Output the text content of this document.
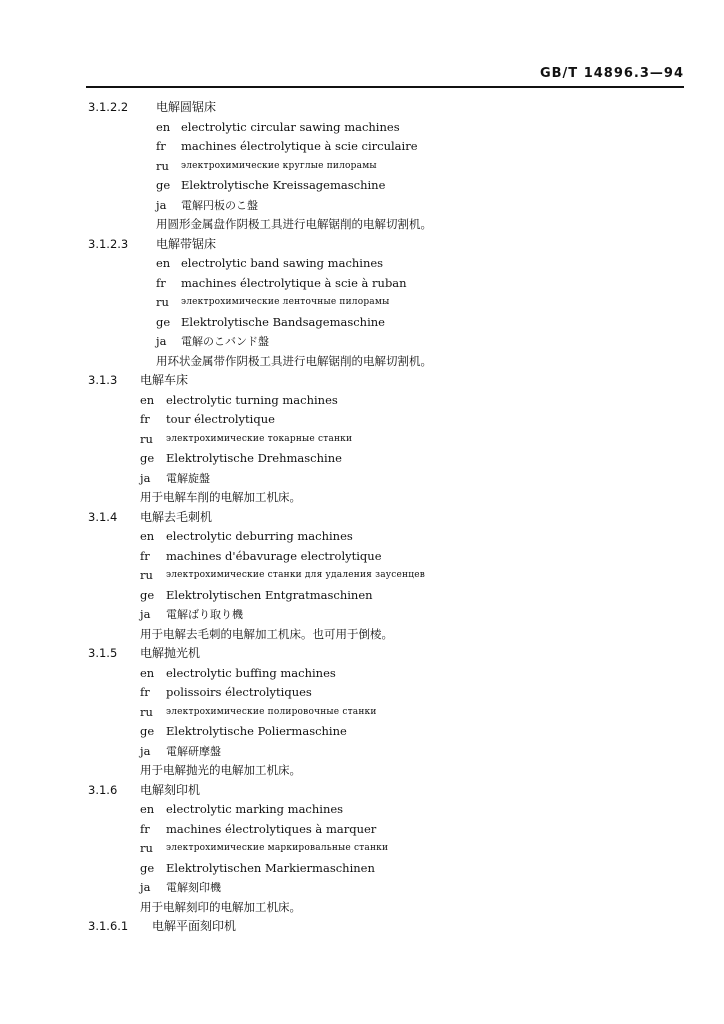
GB/T 14896.3—94
3.1.2.2 电解圆锯床
en electrolytic circular sawing machines
fr machines électrolytique à scie circulaire
ru электрохимические круглые пилорамы
ge Elektrolytische Kreissagemaschine
ja 電解円板のこ盤
用圆形金属盘作阴极工具进行电解锯削的电解切割机。
3.1.2.3 电解带锯床
en electrolytic band sawing machines
fr machines électrolytique à scie à ruban
ru электрохимические ленточные пилорамы
ge Elektrolytische Bandsagemaschine
ja 電解のこバンド盤
用环状金属带作阴极工具进行电解锯削的电解切割机。
3.1.3 电解车床
en electrolytic turning machines
fr tour électrolytique
ru электрохимические токарные станки
ge Elektrolytische Drehmaschine
ja 電解旋盤
用于电解车削的电解加工机床。
3.1.4 电解去毛刺机
en electrolytic deburring machines
fr machines d'ébavurage electrolytique
ru электрохимические станки для удаления заусенцев
ge Elektrolytischen Entgratmaschinen
ja 電解ばり取り機
用于电解去毛刺的电解加工机床。也可用于倒棱。
3.1.5 电解抛光机
en electrolytic buffing machines
fr polissoirs électrolytiques
ru электрохимические полировочные станки
ge Elektrolytische Poliermaschine
ja 電解研摩盤
用于电解抛光的电解加工机床。
3.1.6 电解刻印机
en electrolytic marking machines
fr machines électrolytiques à marquer
ru электрохимические маркировальные станки
ge Elektrolytischen Markiermaschinen
ja 電解刻印機
用于电解刻印的电解加工机床。
3.1.6.1 电解平面刻印机
